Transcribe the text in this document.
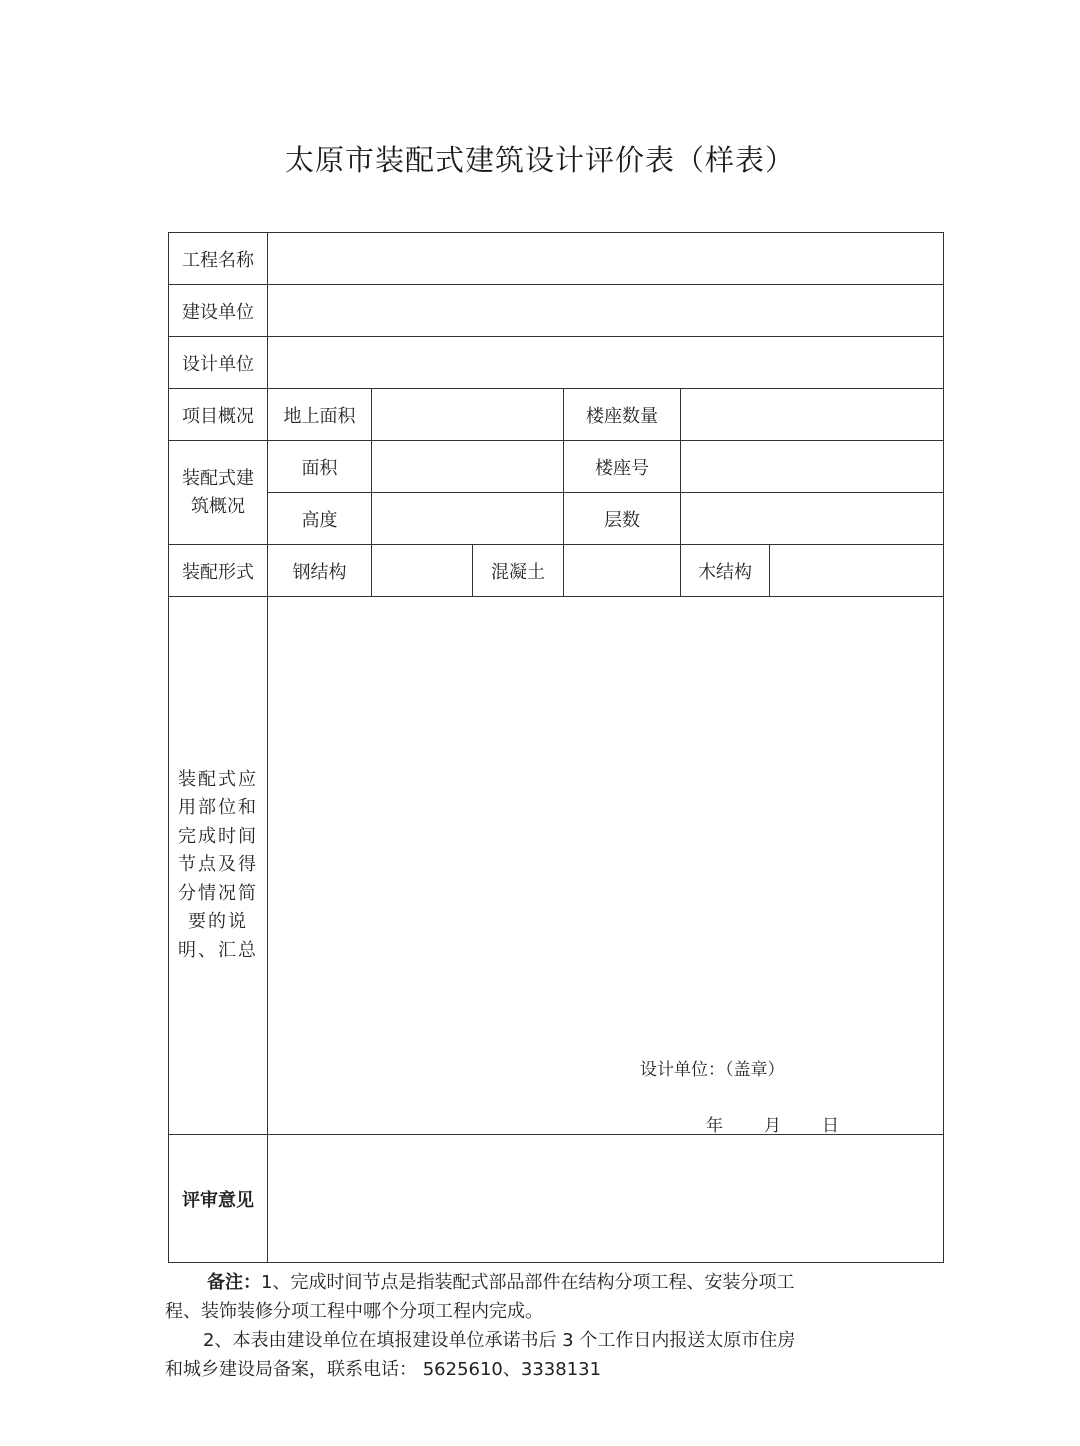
太原市装配式建筑设计评价表（样表）
工程名称						
建设单位						
设计单位						
项目概况	地上面积			楼座数量		

装配式建筑概况	面积			楼座号		
	高度			层数		
装配形式	钢结构		混凝土		木结构	

装配式应用部位和完成时间节点及得分情况简要的说明、汇总	设计单位：（盖章）
年 月 日					

评审意见						

备注：1、完成时间节点是指装配式部品部件在结构分项工程、安装分项工

程、装饰装修分项工程中哪个分项工程内完成。

2、本表由建设单位在填报建设单位承诺书后 3 个工作日内报送太原市住房

和城乡建设局备案，联系电话： 5625610、3338131
